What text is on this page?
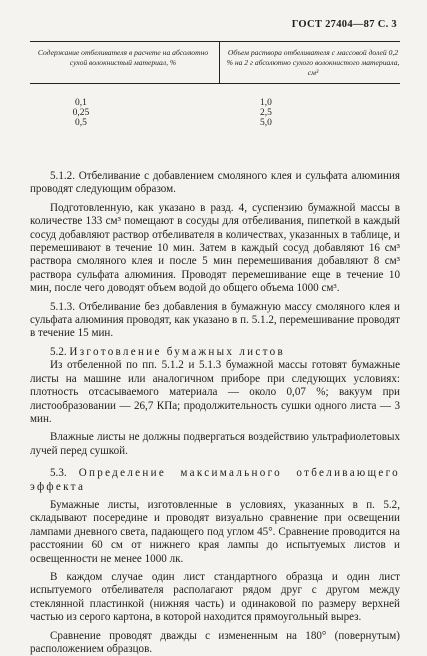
ГОСТ 27404—87 С. 3
Содержание отбеливателя в расчете на абсолютно сухой волокнистый материал, %
Объем раствора отбеливателя с массовой долей 0,2 % на 2 г абсолютно сухого волокнистого материала, см³
0,1
0,25
0,5
1,0
2,5
5,0

5.1.2. Отбеливание с добавлением смоляного клея и сульфата алюминия проводят следующим образом.

Подготовленную, как указано в разд. 4, суспензию бумажной массы в количестве 133 см³ помещают в сосуды для отбеливания, пипеткой в каждый сосуд добавляют раствор отбеливателя в количествах, указанных в таблице, и перемешивают в течение 10 мин. Затем в каждый сосуд добавляют 16 см³ раствора смоляного клея и после 5 мин перемешивания добавляют 8 см³ раствора сульфата алюминия. Проводят перемешивание еще в течение 10 мин, после чего доводят объем водой до общего объема 1000 см³.

5.1.3. Отбеливание без добавления в бумажную массу смоляного клея и сульфата алюминия проводят, как указано в п. 5.1.2, перемешивание проводят в течение 15 мин.

5.2. Изготовление бумажных листов

Из отбеленной по пп. 5.1.2 и 5.1.3 бумажной массы готовят бумажные листы на машине или аналогичном приборе при следующих условиях: плотность отсасываемого материала — около 0,07 %; вакуум при листообразовании — 26,7 КПа; продолжительность сушки одного листа — 3 мин.

Влажные листы не должны подвергаться воздействию ультрафиолетовых лучей перед сушкой.

5.3. Определение максимального отбеливающего эффекта

Бумажные листы, изготовленные в условиях, указанных в п. 5.2, складывают посередине и проводят визуально сравнение при освещении лампами дневного света, падающего под углом 45°. Сравнение проводится на расстоянии 60 см от нижнего края лампы до испытуемых листов и освещенности не менее 1000 лк.

В каждом случае один лист стандартного образца и один лист испытуемого отбеливателя располагают рядом друг с другом между стеклянной пластинкой (нижняя часть) и одинаковой по размеру верхней частью из серого картона, в которой находится прямоугольный вырез.

Сравнение проводят дважды с измененным на 180° (повернутым) расположением образцов.
